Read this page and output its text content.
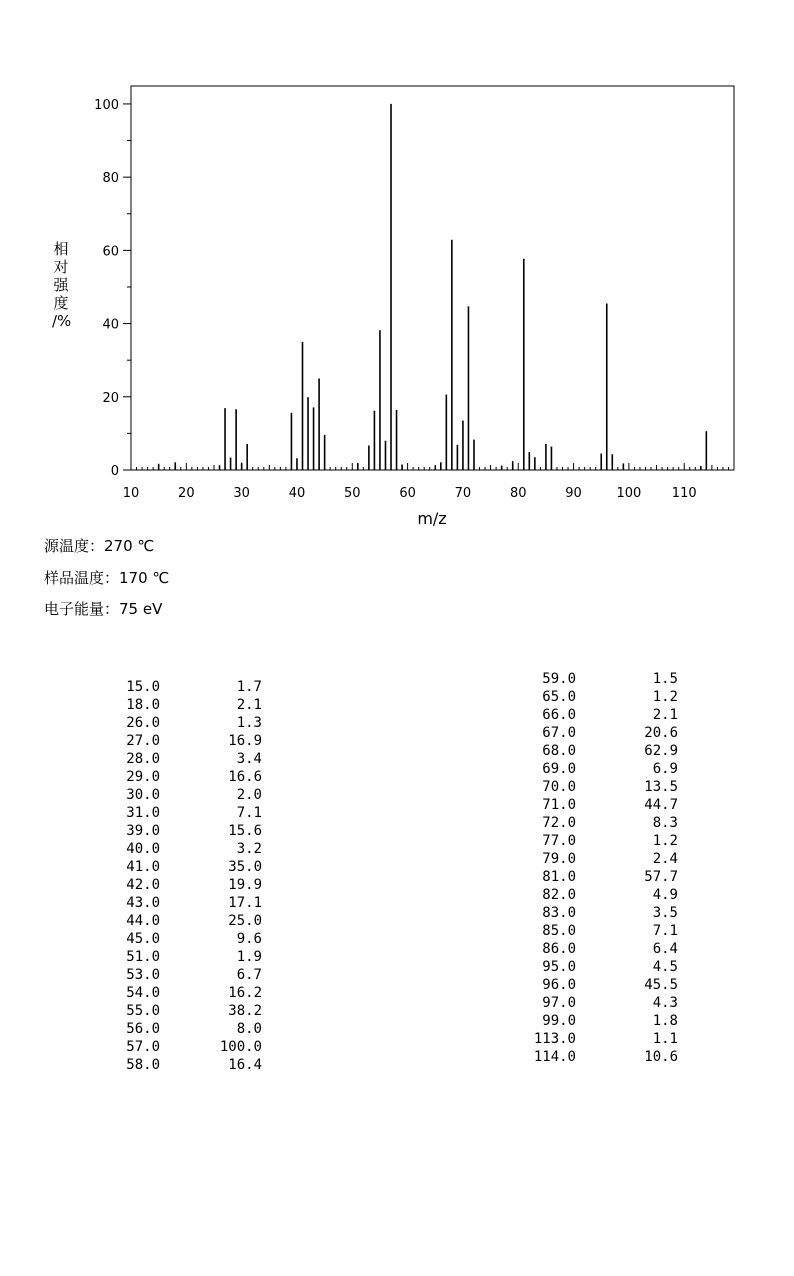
0
20
40
60
80
100
10	20	30	40	50	60	70	80	90	100 110
m/z
相
对
强
度
/%
源温度：270 ℃
样品温度：170 ℃
电子能量：75 eV
15.0	1.7
18.0	2.1
26.0	1.3
27.0	16.9
28.0	3.4
29.0	16.6
30.0	2.0
31.0	7.1
39.0	15.6
40.0	3.2
41.0	35.0
42.0	19.9
43.0	17.1
44.0	25.0
45.0	9.6
51.0	1.9
53.0	6.7
54.0	16.2
55.0	38.2
56.0	8.0
57.0	100.0
58.0	16.4
59.0	1.5
65.0	1.2
66.0	2.1
67.0	20.6
68.0	62.9
69.0	6.9
70.0	13.5
71.0	44.7
72.0	8.3
77.0	1.2
79.0	2.4
81.0	57.7
82.0	4.9
83.0	3.5
85.0	7.1
86.0	6.4
95.0	4.5
96.0	45.5
97.0	4.3
99.0	1.8
113.0	1.1
114.0	10.6
